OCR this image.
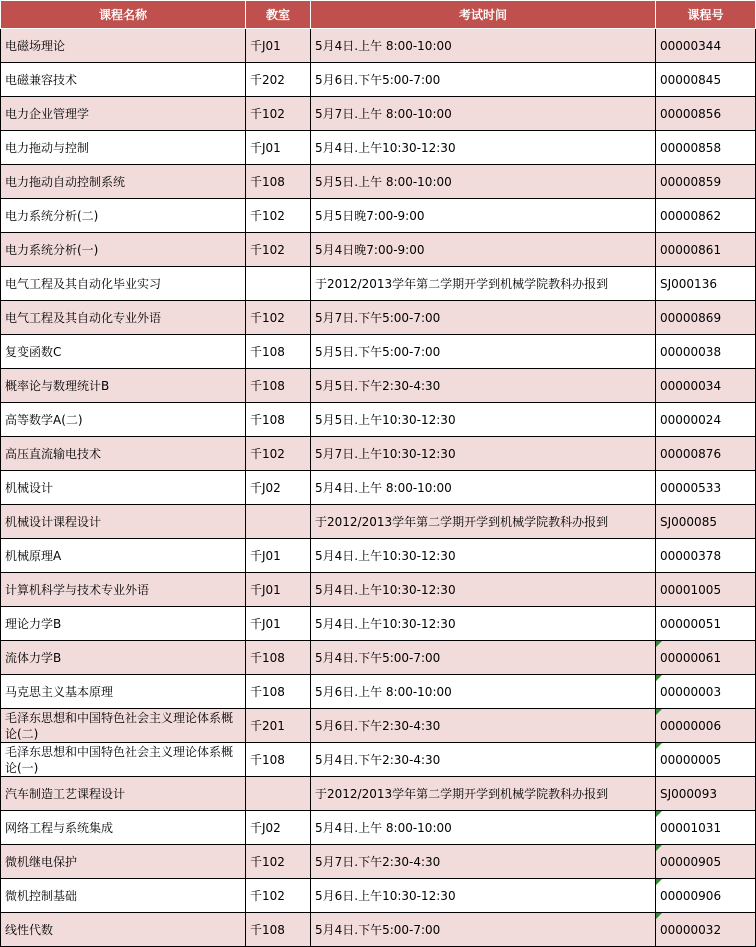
课程名称	教室	考试时间	课程号
电磁场理论	千J01	5月4日.上午 8:00-10:00	00000344
电磁兼容技术	千202	5月6日.下午5:00-7:00	00000845
电力企业管理学	千102	5月7日.上午 8:00-10:00	00000856
电力拖动与控制	千J01	5月4日.上午10:30-12:30	00000858
电力拖动自动控制系统	千108	5月5日.上午 8:00-10:00	00000859
电力系统分析(二)	千102	5月5日晚7:00-9:00	00000862
电力系统分析(一)	千102	5月4日晚7:00-9:00	00000861
电气工程及其自动化毕业实习		于2012/2013学年第二学期开学到机械学院教科办报到	SJ000136
电气工程及其自动化专业外语	千102	5月7日.下午5:00-7:00	00000869
复变函数C	千108	5月5日.下午5:00-7:00	00000038
概率论与数理统计B	千108	5月5日.下午2:30-4:30	00000034
高等数学A(二)	千108	5月5日.上午10:30-12:30	00000024
高压直流输电技术	千102	5月7日.上午10:30-12:30	00000876
机械设计	千J02	5月4日.上午 8:00-10:00	00000533
机械设计课程设计		于2012/2013学年第二学期开学到机械学院教科办报到	SJ000085
机械原理A	千J01	5月4日.上午10:30-12:30	00000378
计算机科学与技术专业外语	千J01	5月4日.上午10:30-12:30	00001005
理论力学B	千J01	5月4日.上午10:30-12:30	00000051
流体力学B	千108	5月4日.下午5:00-7:00	00000061
马克思主义基本原理	千108	5月6日.上午 8:00-10:00	00000003
毛泽东思想和中国特色社会主义理论体系概论(二)	千201	5月6日.下午2:30-4:30	00000006
毛泽东思想和中国特色社会主义理论体系概论(一)	千108	5月4日.下午2:30-4:30	00000005
汽车制造工艺课程设计		于2012/2013学年第二学期开学到机械学院教科办报到	SJ000093
网络工程与系统集成	千J02	5月4日.上午 8:00-10:00	00001031
微机继电保护	千102	5月7日.下午2:30-4:30	00000905
微机控制基础	千102	5月6日.上午10:30-12:30	00000906
线性代数	千108	5月4日.下午5:00-7:00	00000032
